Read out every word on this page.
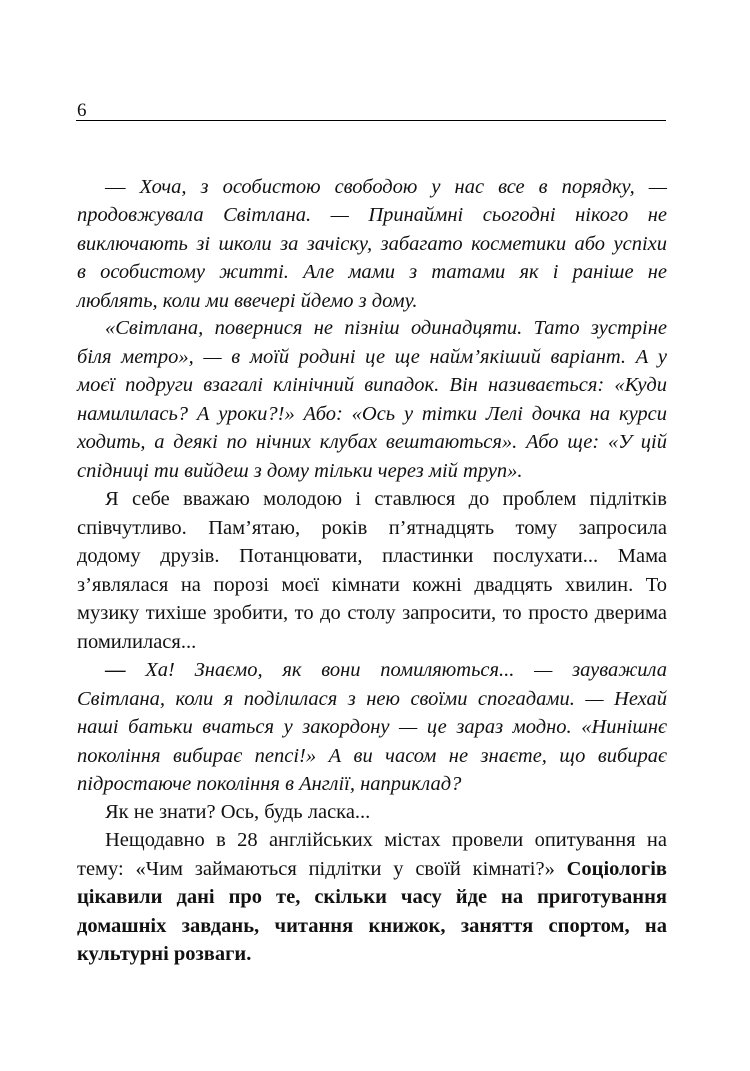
6
— Хоча, з особистою свободою у нас все в порядку, —
продовжувала Світлана. — Принаймні сьогодні нікого не
виключають зі школи за зачіску, забагато косметики або успіхи
в особистому житті. Але мами з татами як і раніше не
люблять, коли ми ввечері йдемо з дому.
«Світлана, повернися не пізніш одинадцяти. Тато зустріне
біля метро», — в моїй родині це ще найм’якіший варіант. А у
моєї подруги взагалі клінічний випадок. Він називається: «Куди
намилилась? А уроки?!» Або: «Ось у тітки Лелі дочка на курси
ходить, а деякі по нічних клубах вештаються». Або ще: «У цій
спідниці ти вийдеш з дому тільки через мій труп».
Я себе вважаю молодою і ставлюся до проблем підлітків
співчутливо. Пам’ятаю, років п’ятнадцять тому запросила
додому друзів. Потанцювати, пластинки послухати... Мама
з’являлася на порозі моєї кімнати кожні двадцять хвилин. То
музику тихіше зробити, то до столу запросити, то просто дверима
помилилася...
— Ха! Знаємо, як вони помиляються... — зауважила
Світлана, коли я поділилася з нею своїми спогадами. — Нехай
наші батьки вчаться у закордону — це зараз модно. «Нинішнє
покоління вибирає пепсі!» А ви часом не знаєте, що вибирає
підростаюче покоління в Англії, наприклад?
Як не знати? Ось, будь ласка...
Нещодавно в 28 англійських містах провели опитування на
тему: «Чим займаються підлітки у своїй кімнаті?» Соціологів
цікавили дані про те, скільки часу йде на приготування
домашніх завдань, читання книжок, заняття спортом, на
культурні розваги.
